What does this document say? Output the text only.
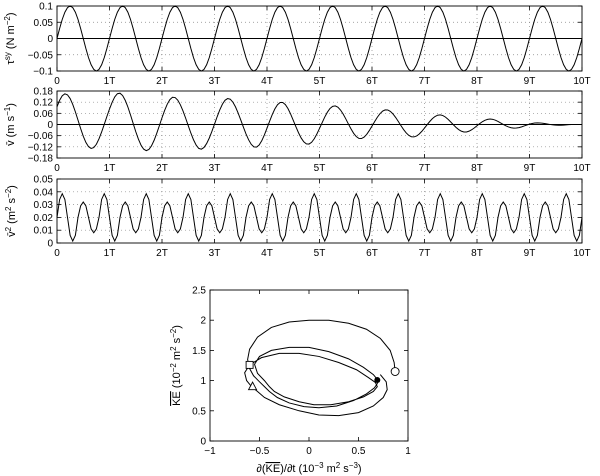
0	1T	2T	3T	4T	5T	6T	7T	8T	9T	10T
−0.1
−0.05
0
0.05
0.1
$\tau^{sy}$ (N $m^{-2}$)
0	1T	2T	3T	4T	5T	6T	7T	8T	9T	10T
−0.18
−0.12
−0.06
0
0.06
0.12
0.18
v̄ (m $s^{-1}$)
0	1T	2T	3T	4T	5T	6T	7T	8T	9T	10T
0
0.01
0.02
0.03
0.04
0.05
v̄$^2$ ($m^2$ $s^{-2}$)
−1	−0.5	0	0.5	1
0
0.5
1
1.5
2
2.5
∂(KE)/∂t ($10^{-3}$ $m^2$ $s^{-3}$)
KE ($10^{-2}$ $m^2$ $s^{-2}$)
